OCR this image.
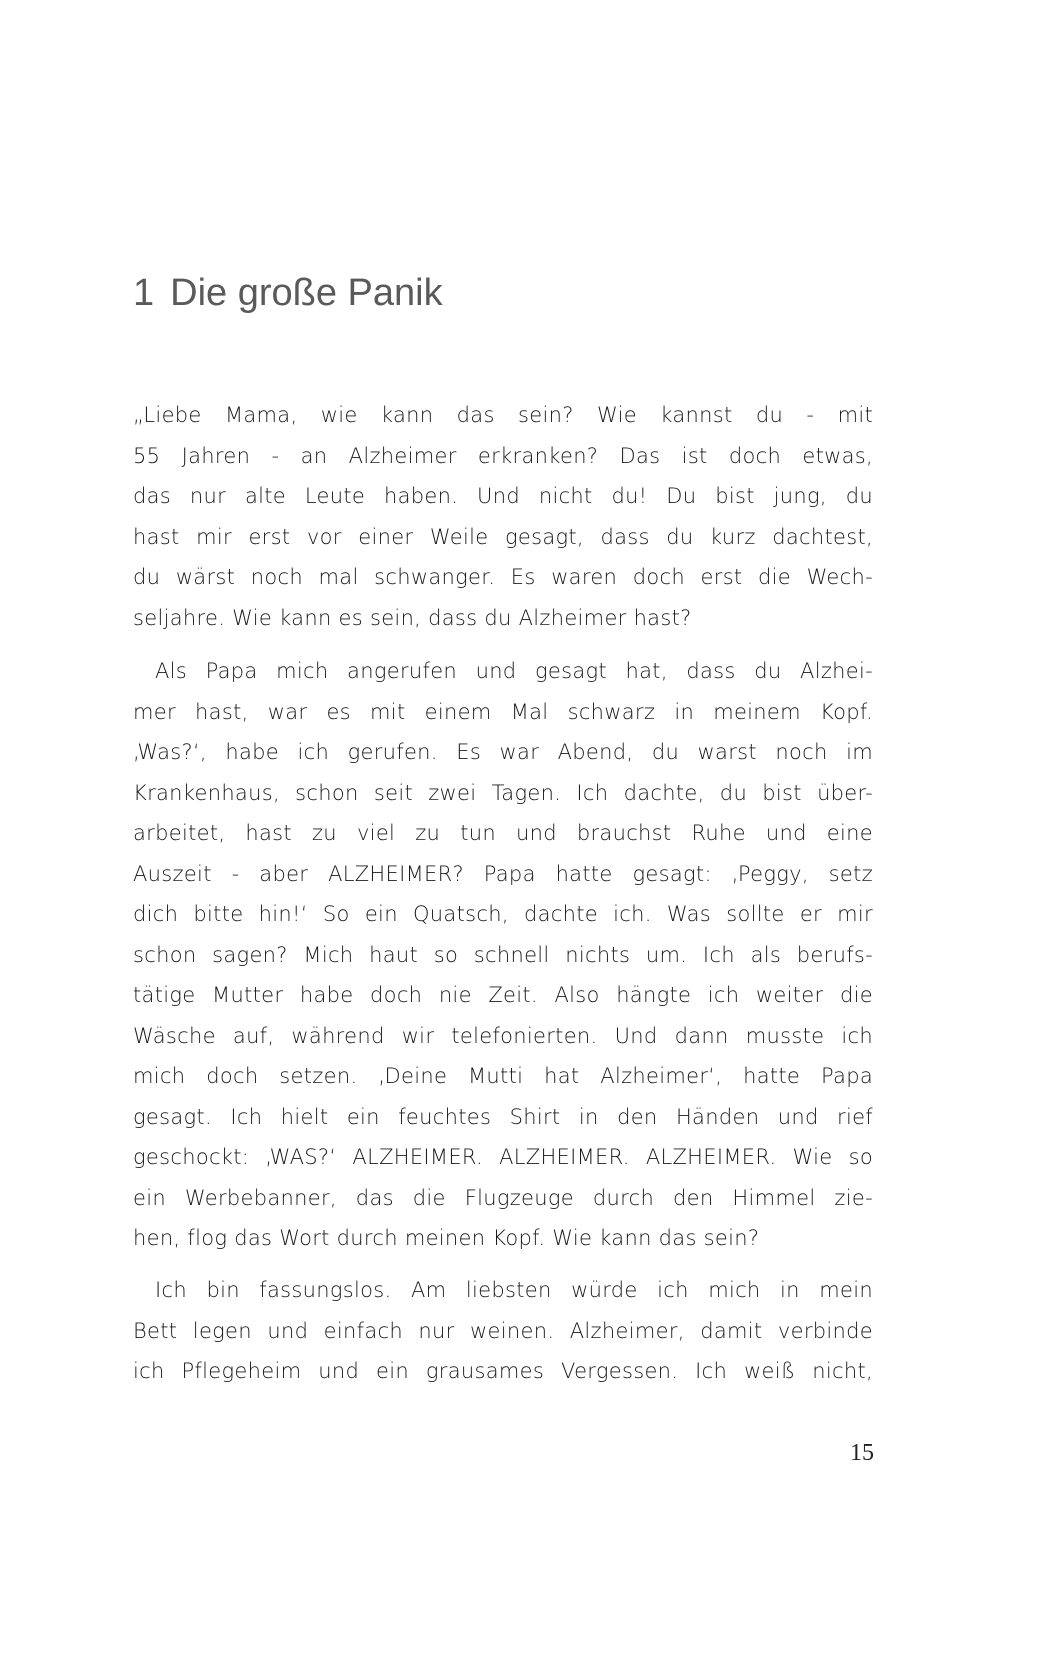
1 Die große Panik
„Liebe Mama, wie kann das sein? Wie kannst du - mit
55 Jahren - an Alzheimer erkranken? Das ist doch etwas,
das nur alte Leute haben. Und nicht du! Du bist jung, du
hast mir erst vor einer Weile gesagt, dass du kurz dachtest,
du wärst noch mal schwanger. Es waren doch erst die Wech-
seljahre. Wie kann es sein, dass du Alzheimer hast?
Als Papa mich angerufen und gesagt hat, dass du Alzhei-
mer hast, war es mit einem Mal schwarz in meinem Kopf.
‚Was?‘, habe ich gerufen. Es war Abend, du warst noch im
Krankenhaus, schon seit zwei Tagen. Ich dachte, du bist über-
arbeitet, hast zu viel zu tun und brauchst Ruhe und eine
Auszeit - aber ALZHEIMER? Papa hatte gesagt: ‚Peggy, setz
dich bitte hin!‘ So ein Quatsch, dachte ich. Was sollte er mir
schon sagen? Mich haut so schnell nichts um. Ich als berufs-
tätige Mutter habe doch nie Zeit. Also hängte ich weiter die
Wäsche auf, während wir telefonierten. Und dann musste ich
mich doch setzen. ‚Deine Mutti hat Alzheimer‘, hatte Papa
gesagt. Ich hielt ein feuchtes Shirt in den Händen und rief
geschockt: ‚WAS?‘ ALZHEIMER. ALZHEIMER. ALZHEIMER. Wie so
ein Werbebanner, das die Flugzeuge durch den Himmel zie-
hen, flog das Wort durch meinen Kopf. Wie kann das sein?
Ich bin fassungslos. Am liebsten würde ich mich in mein
Bett legen und einfach nur weinen. Alzheimer, damit verbinde
ich Pflegeheim und ein grausames Vergessen. Ich weiß nicht,
15
